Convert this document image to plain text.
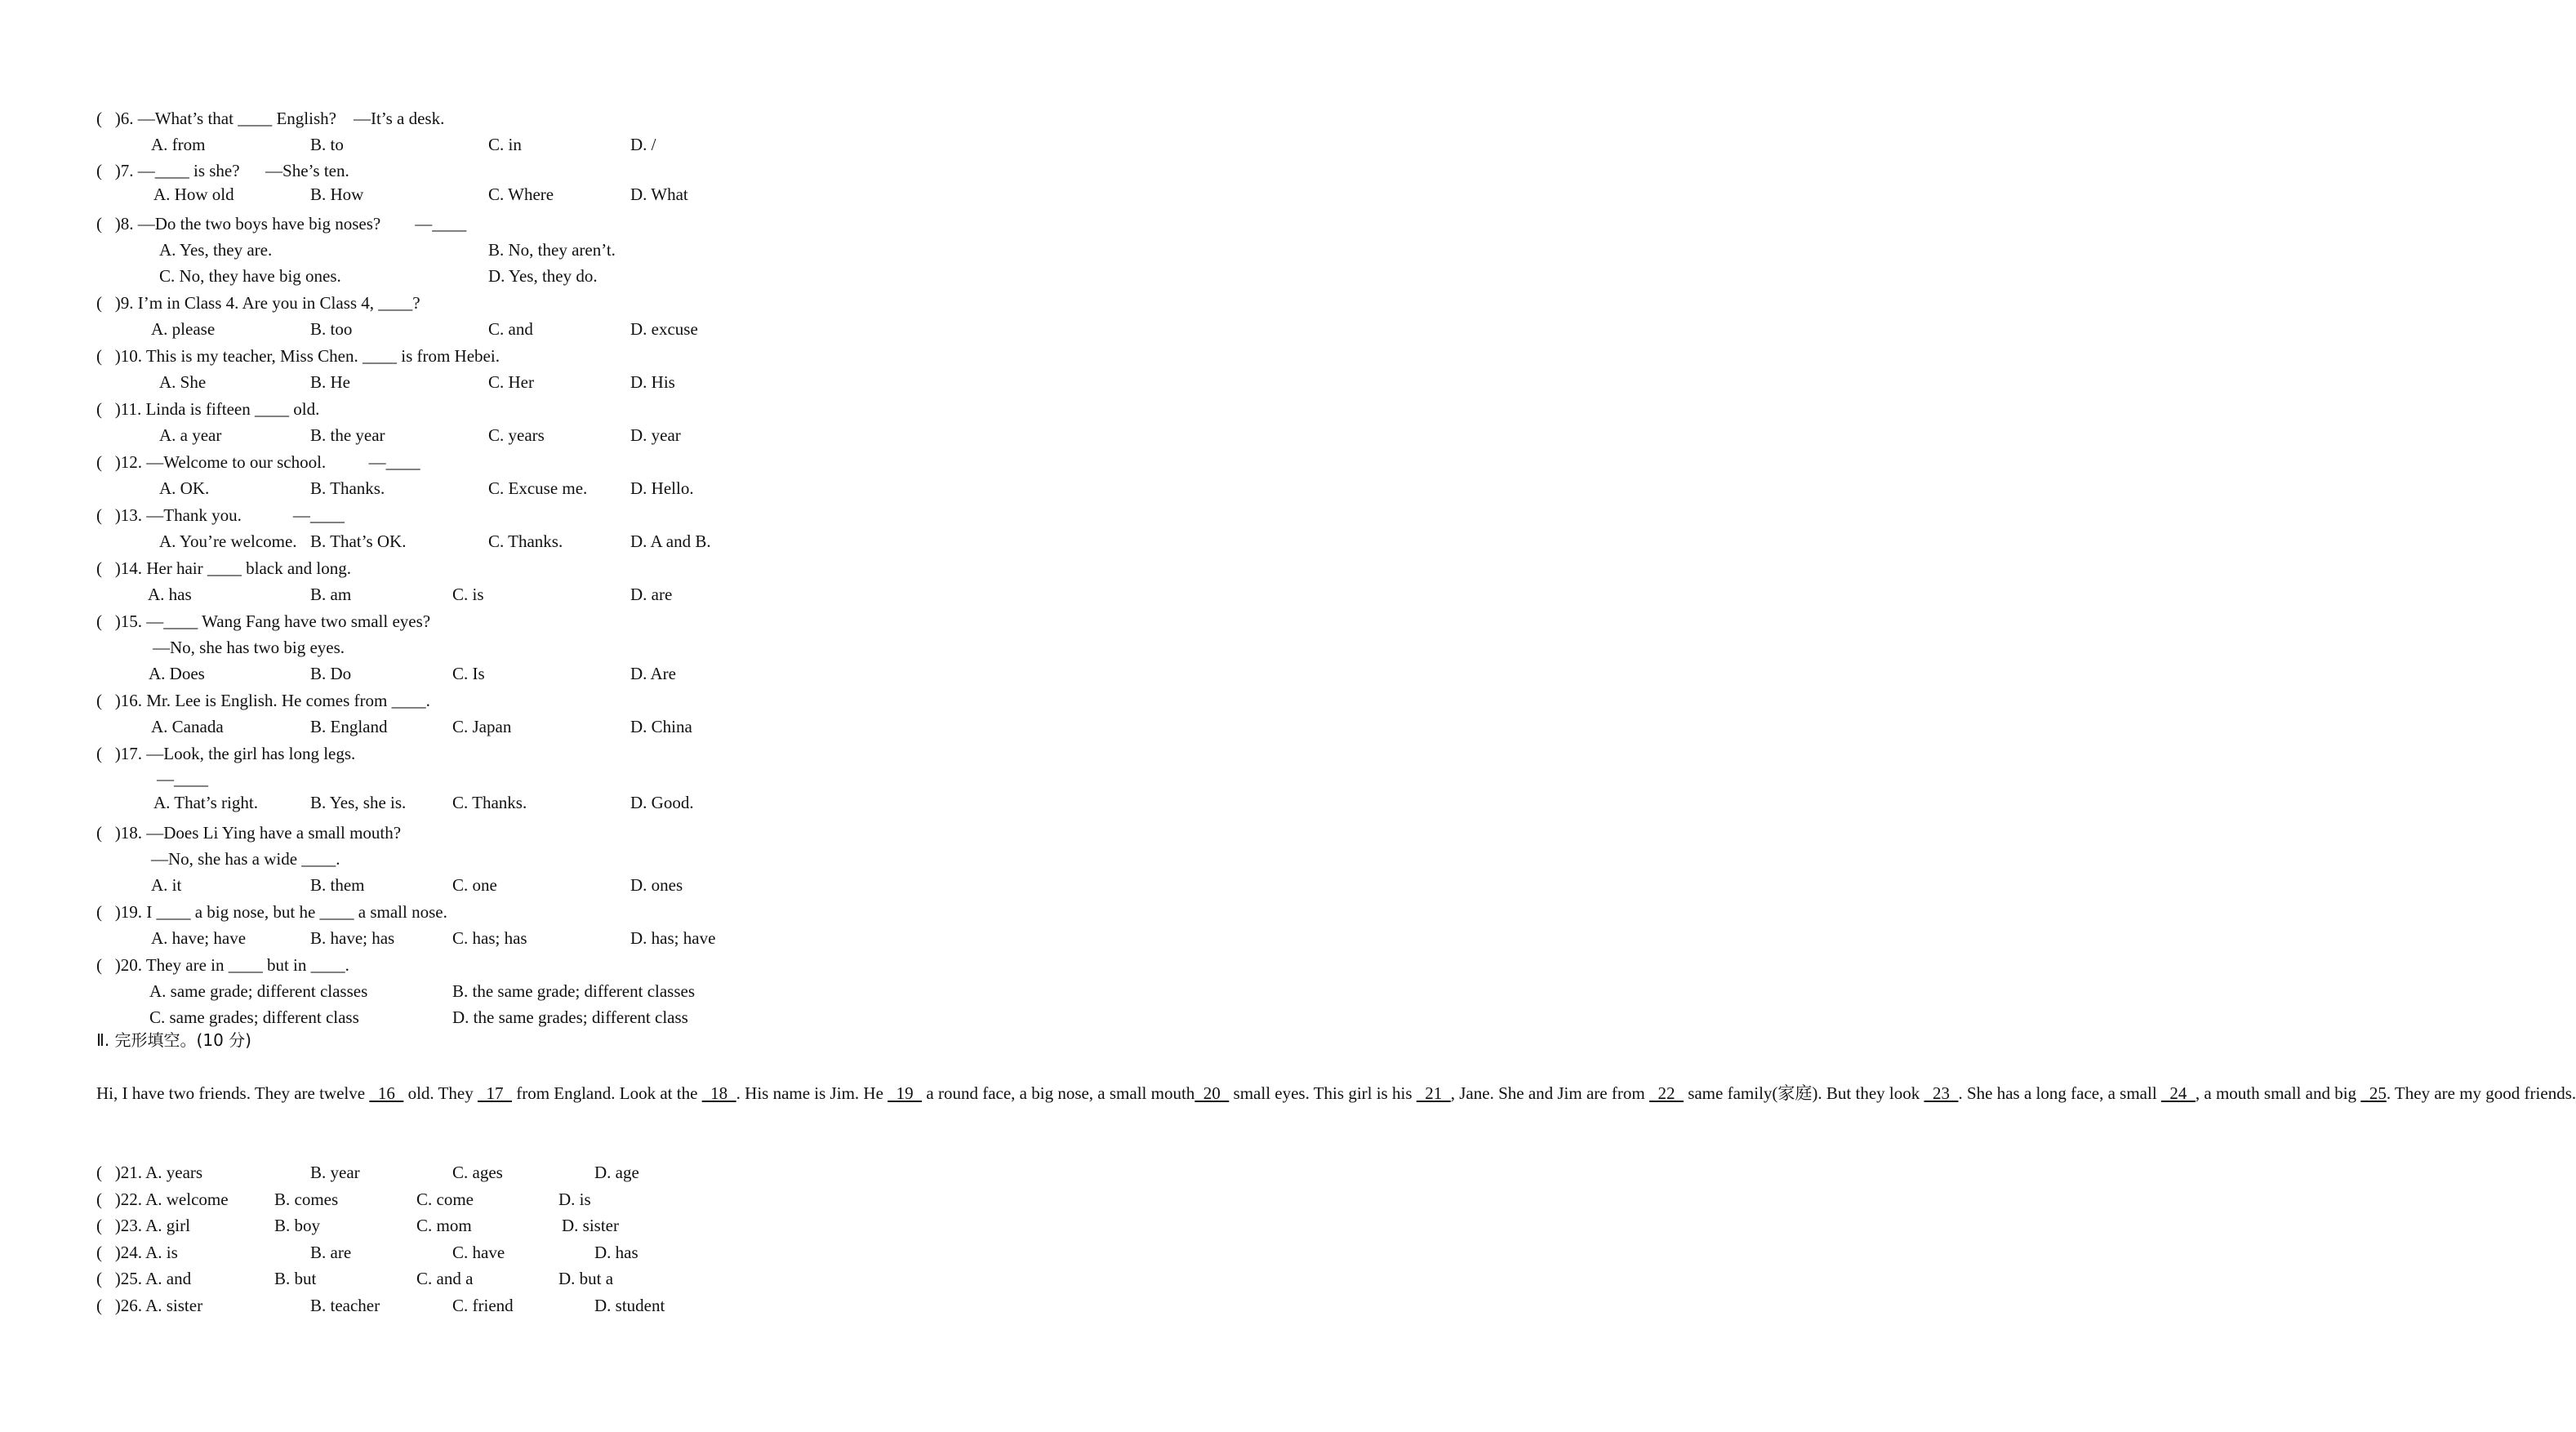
(   )6. —What’s that ____ English?    —It’s a desk.
A. from	B. to	C. in	D. /
(   )7. —____ is she?      —She’s ten.
A. How old	B. How	C. Where	D. What
(   )8. —Do the two boys have big noses?        —____
A. Yes, they are.	B. No, they aren’t.
C. No, they have big ones.	D. Yes, they do.
(   )9. I’m in Class 4. Are you in Class 4, ____?
A. please	B. too	C. and	D. excuse
(   )10. This is my teacher, Miss Chen. ____ is from Hebei.
A. She	B. He	C. Her	D. His
(   )11. Linda is fifteen ____ old.
A. a year	B. the year	C. years	D. year
(   )12. —Welcome to our school.          —____
A. OK.	B. Thanks.	C. Excuse me.	D. Hello.
(   )13. —Thank you.            —____
A. You’re welcome. B. That’s OK.	C. Thanks.	D. A and B.
(   )14. Her hair ____ black and long.
A. has	B. am	C. is	D. are
(   )15. —____ Wang Fang have two small eyes?
—No, she has two big eyes.
A. Does	B. Do	C. Is	D. Are
(   )16. Mr. Lee is English. He comes from ____.
A. Canada	B. England	C. Japan	D. China
(   )17. —Look, the girl has long legs.
—____
A. That’s right.	B. Yes, she is.	C. Thanks.	D. Good.
(   )18. —Does Li Ying have a small mouth?
—No, she has a wide ____.
A. it	B. them	C. one	D. ones
(   )19. I ____ a big nose, but he ____ a small nose.
A. have; have	B. have; has	C. has; has	D. has; have
(   )20. They are in ____ but in ____.
A. same grade; different classes	B. the same grade; different classes
C. same grades; different class	D. the same grades; different class
Ⅱ. 完形填空。(10 分)
Hi, I have two friends. They are twelve   16   old. They   17   from England. Look at the   18  . His name is Jim. He   19   a round face, a big nose, a small mouth  20   small eyes. This girl is his   21  , Jane. She and Jim are from   22   same family(家庭). But they look   23  . She has a long face, a small   24  , a mouth small and big   25. They are my good friends.
(   )21. A. years	B. year	C. ages	D. age
(   )22. A. welcome	B. comes	C. come	D. is
(   )23. A. girl	B. boy	C. mom	D. sister
(   )24. A. is	B. are	C. have	D. has
(   )25. A. and	B. but	C. and a	D. but a
(   )26. A. sister	B. teacher	C. friend	D. student
